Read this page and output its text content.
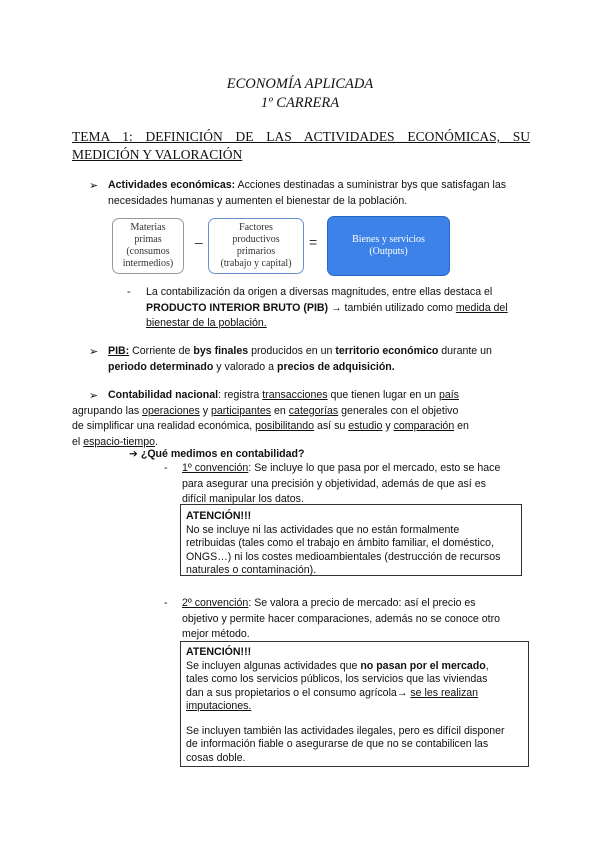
ECONOMÍA APLICADA
1º CARRERA
TEMA 1: DEFINICIÓN DE LAS ACTIVIDADES ECONÓMICAS, SU
MEDICIÓN Y VALORACIÓN
➢ Actividades económicas: Acciones destinadas a suministrar bys que satisfagan las
necesidades humanas y aumenten el bienestar de la población.
Materias
primas
(consumos
intermedios)
–
Factores
productivos
primarios
(trabajo y capital)
=	Bienes y servicios
(Outputs)
- La contabilización da origen a diversas magnitudes, entre ellas destaca el
PRODUCTO INTERIOR BRUTO (PIB) → también utilizado como medida del
bienestar de la población.
➢ PIB: Corriente de bys finales producidos en un territorio económico durante un
periodo determinado y valorado a precios de adquisición.
➢ Contabilidad nacional: registra transacciones que tienen lugar en un país
agrupando las operaciones y participantes en categorías generales con el objetivo
de simplificar una realidad económica, posibilitando así su estudio y comparación en
el espacio-tiempo.
➔ ¿Qué medimos en contabilidad?
- 1º convención: Se incluye lo que pasa por el mercado, esto se hace
para asegurar una precisión y objetividad, además de que así es
difícil manipular los datos.
ATENCIÓN!!!
No se incluye ni las actividades que no están formalmente
retribuidas (tales como el trabajo en ámbito familiar, el doméstico,
ONGS…) ni los costes medioambientales (destrucción de recursos
naturales o contaminación).
- 2º convención: Se valora a precio de mercado: así el precio es
objetivo y permite hacer comparaciones, además no se conoce otro
mejor método.
ATENCIÓN!!!
Se incluyen algunas actividades que no pasan por el mercado,
tales como los servicios públicos, los servicios que las viviendas
dan a sus propietarios o el consumo agrícola→ se les realizan
imputaciones.
Se incluyen también las actividades ilegales, pero es difícil disponer
de información fiable o asegurarse de que no se contabilicen las
cosas doble.
